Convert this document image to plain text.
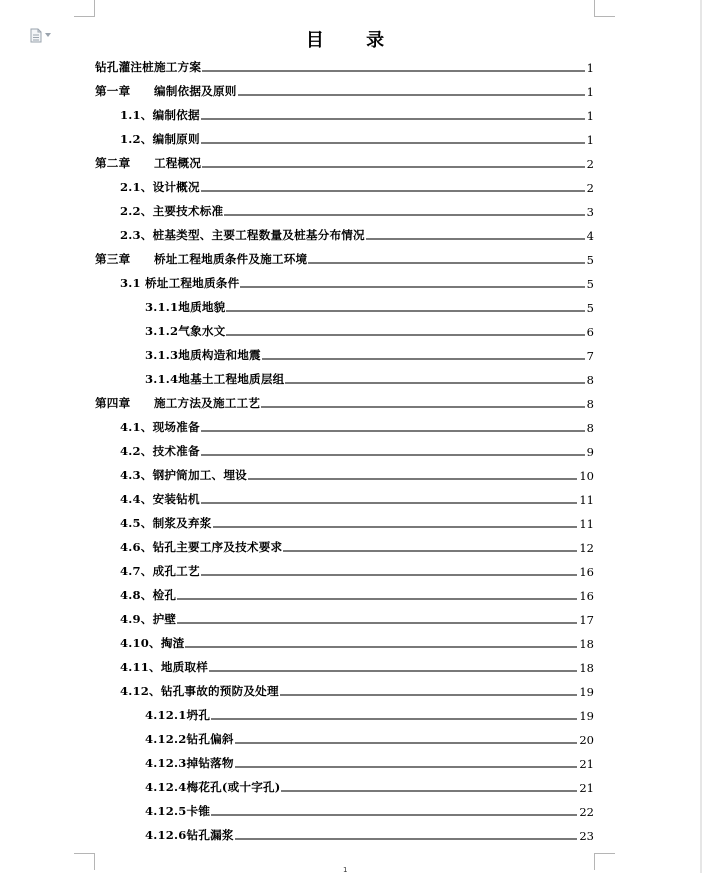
目 录
钻孔灌注桩施工方案	1
第一章　　编制依据及原则	1
1.1、编制依据	1
1.2、编制原则	1
第二章　　工程概况	2
2.1、设计概况	2
2.2、主要技术标准	3
2.3、桩基类型、主要工程数量及桩基分布情况	4
第三章　　桥址工程地质条件及施工环境	5
3.1 桥址工程地质条件	5
3.1.1地质地貌	5
3.1.2气象水文	6
3.1.3地质构造和地震	7
3.1.4地基土工程地质层组	8
第四章　　施工方法及施工工艺	8
4.1、现场准备	8
4.2、技术准备	9
4.3、钢护筒加工、埋设	10
4.4、安装钻机	11
4.5、制浆及弃浆	11
4.6、钻孔主要工序及技术要求	12
4.7、成孔工艺	16
4.8、检孔	16
4.9、护壁	17
4.10、掏渣	18
4.11、地质取样	18
4.12、钻孔事故的预防及处理	19
4.12.1坍孔	19
4.12.2钻孔偏斜	20
4.12.3掉钻落物	21
4.12.4梅花孔(或十字孔)	21
4.12.5卡锥	22
4.12.6钻孔漏浆	23
1
